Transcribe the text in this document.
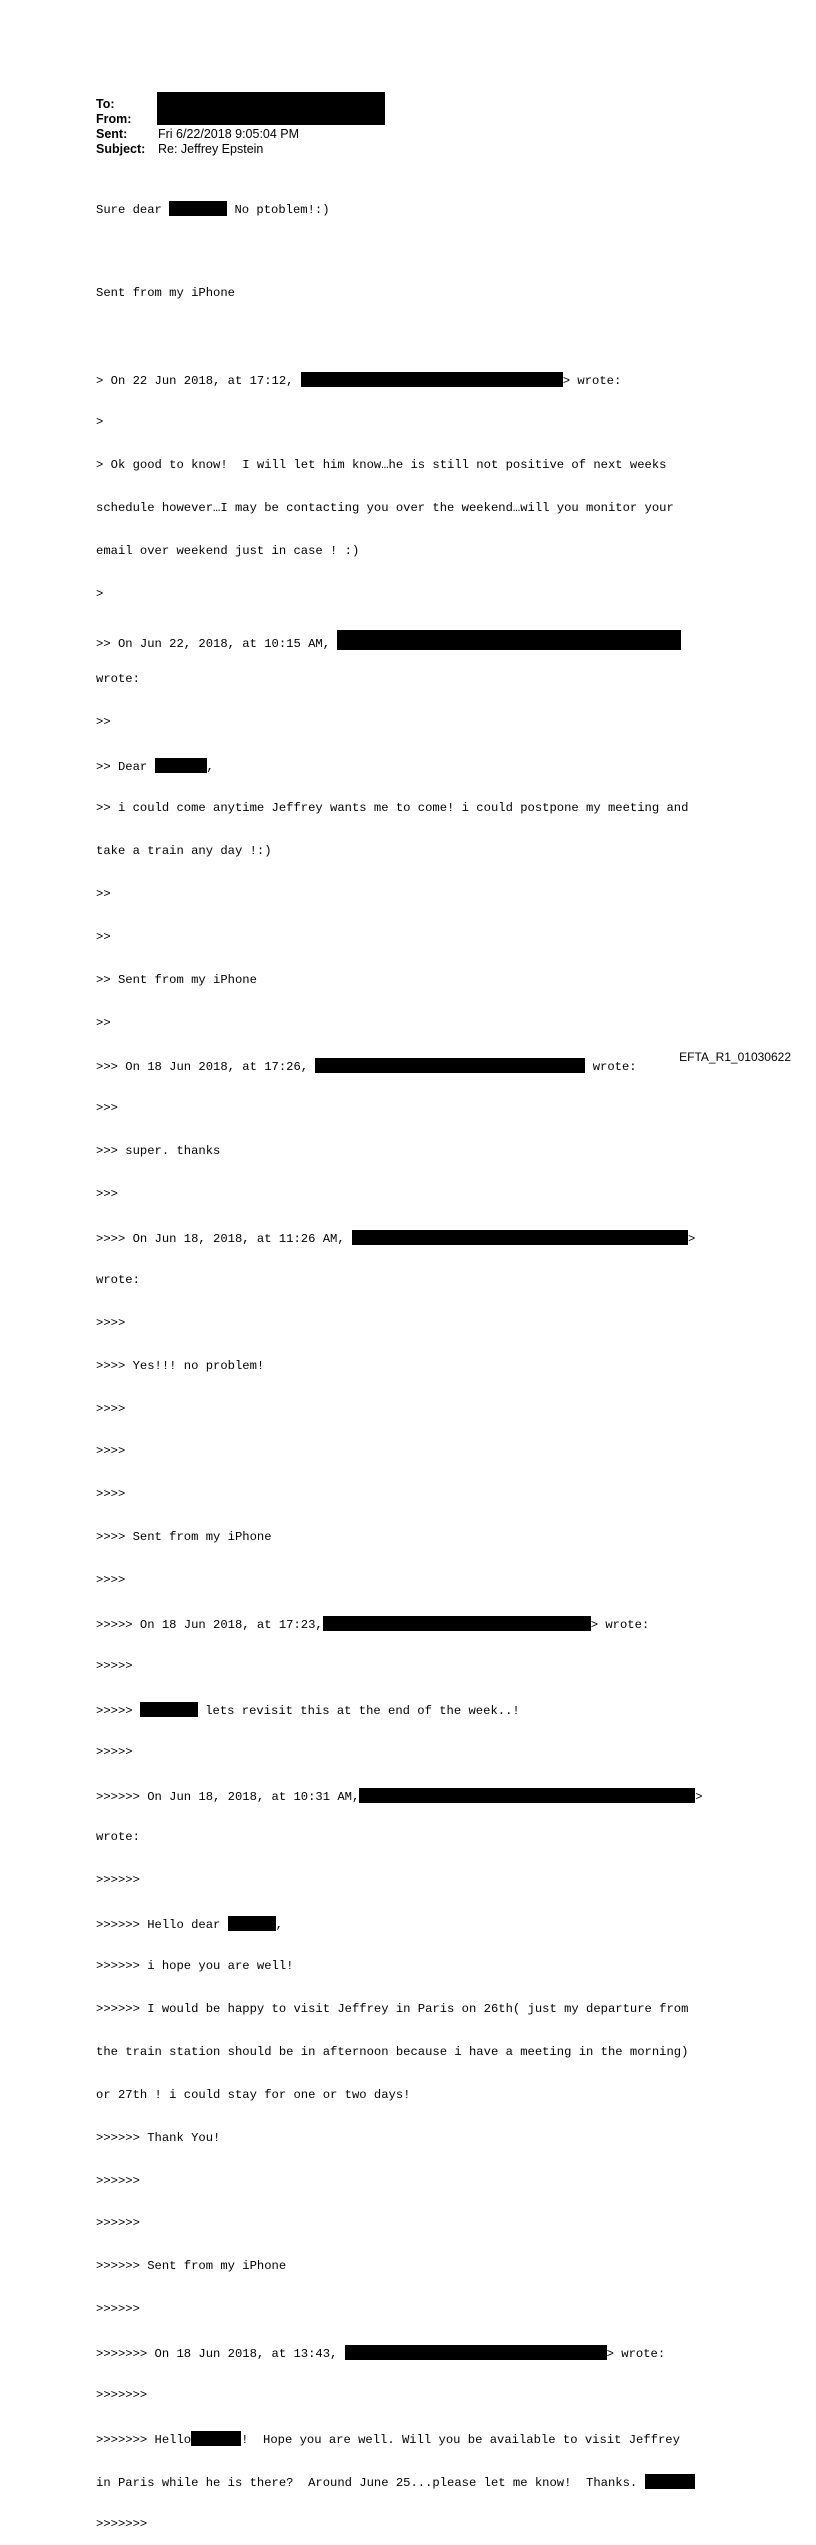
To:
From:
Sent: Fri 6/22/2018 9:05:04 PM
Subject: Re: Jeffrey Epstein

Sure dear	No ptoblem!:)

Sent from my iPhone

> On 22 Jun 2018, at 17:12,	> wrote:

>

> Ok good to know!  I will let him know…he is still not positive of next weeks

schedule however…I may be contacting you over the weekend…will you monitor your

email over weekend just in case ! :)

>

>> On Jun 22, 2018, at 10:15 AM,

wrote:

>>

>> Dear	,

>> i could come anytime Jeffrey wants me to come! i could postpone my meeting and

take a train any day !:)

>>

>>

>> Sent from my iPhone

>>

>>> On 18 Jun 2018, at 17:26,	wrote:

>>>

>>> super. thanks

>>>

>>>> On Jun 18, 2018, at 11:26 AM,	>

wrote:

>>>>

>>>> Yes!!! no problem!

>>>>

>>>>

>>>>

>>>> Sent from my iPhone

>>>>

>>>>> On 18 Jun 2018, at 17:23,	> wrote:

>>>>>

>>>>>	lets revisit this at the end of the week..!

>>>>>

>>>>>> On Jun 18, 2018, at 10:31 AM,	>

wrote:

>>>>>>

>>>>>> Hello dear	,

>>>>>> i hope you are well!

>>>>>> I would be happy to visit Jeffrey in Paris on 26th( just my departure from

the train station should be in afternoon because i have a meeting in the morning)

or 27th ! i could stay for one or two days!

>>>>>> Thank You!

>>>>>>

>>>>>>

>>>>>> Sent from my iPhone

>>>>>>

>>>>>>> On 18 Jun 2018, at 13:43,	> wrote:

>>>>>>>

>>>>>>> Hello	!  Hope you are well. Will you be available to visit Jeffrey

in Paris while he is there?  Around June 25...please let me know!  Thanks.

>>>>>>>

EFTA_R1_01030622
